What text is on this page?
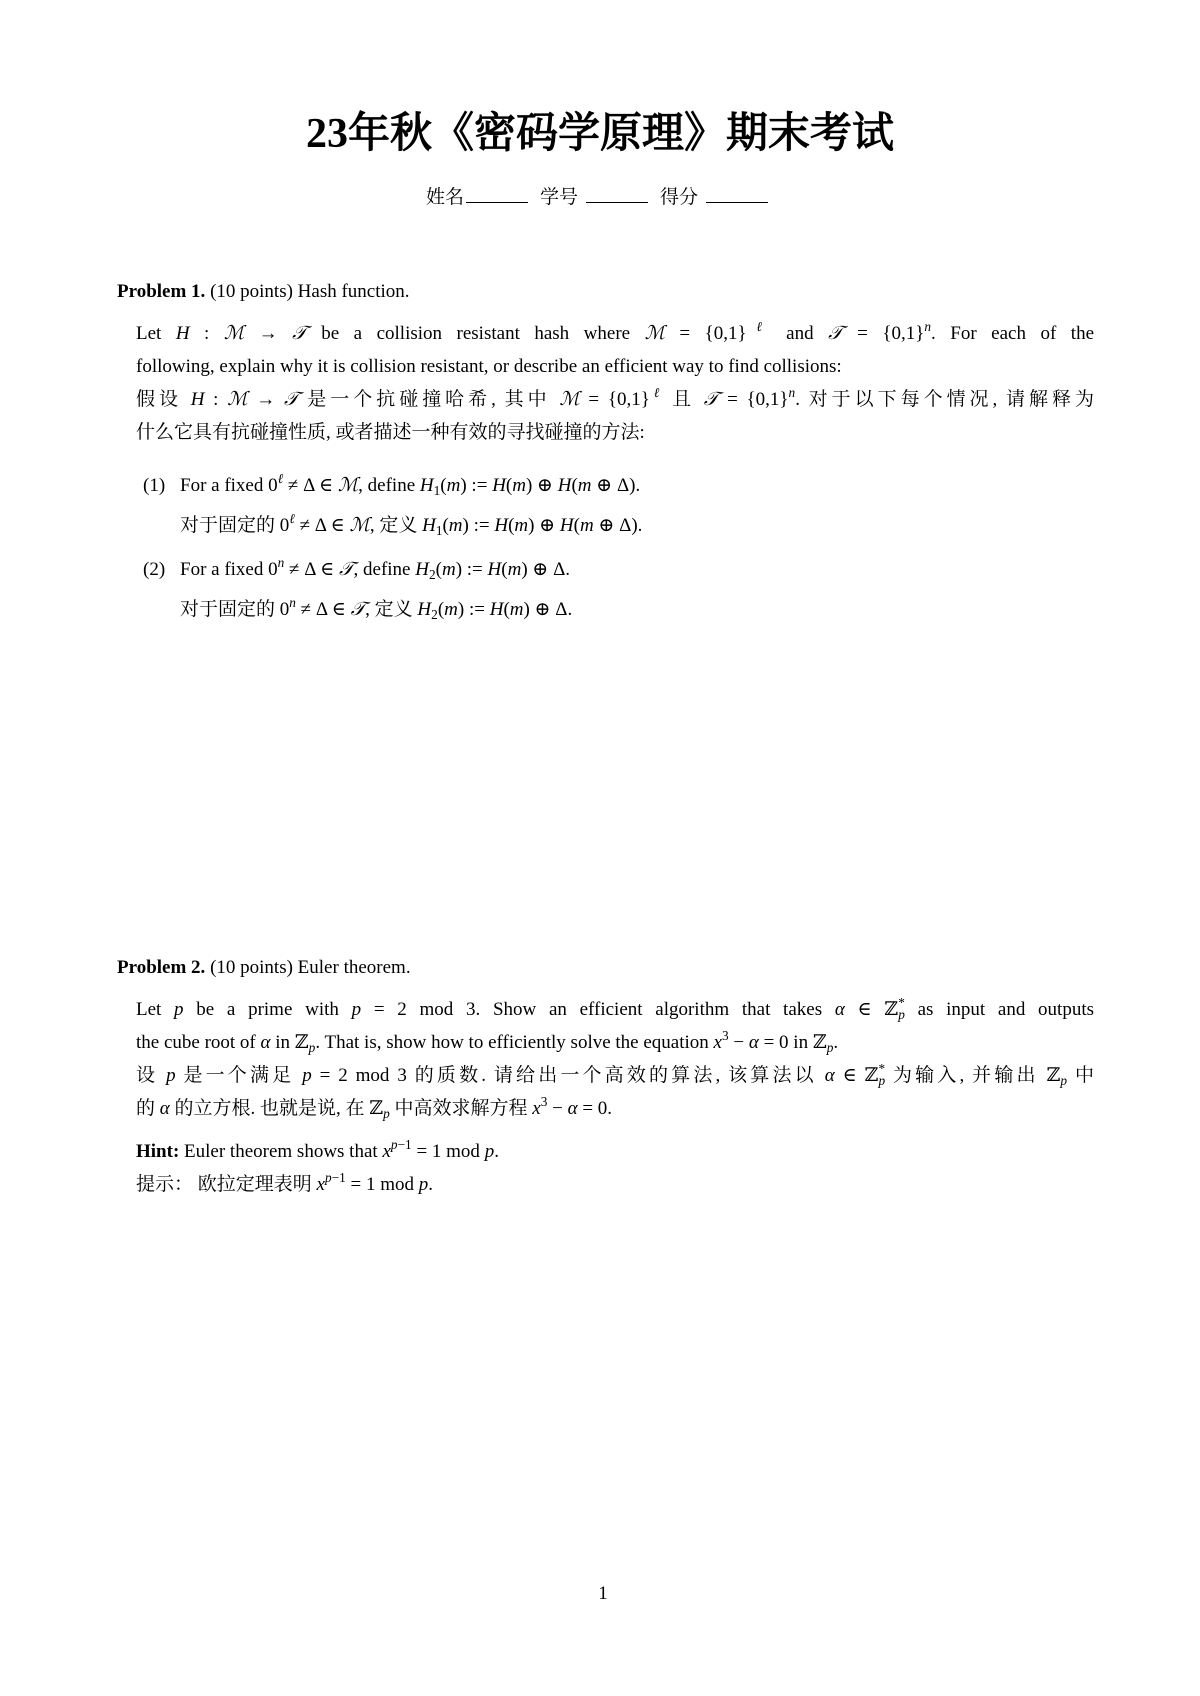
23年秋《密码学原理》期末考试
姓名	学号	得分
Problem 1. (10 points) Hash function.
Let H : ℳ → 𝒯 be a collision resistant hash where ℳ = $\{0,1\}^\ell$ and 𝒯 = $\{0,1\}^n$. For each of the
following, explain why it is collision resistant, or describe an efficient way to find collisions:
假设 H : ℳ → 𝒯 是一个抗碰撞哈希, 其中 ℳ = $\{0,1\}^\ell$ 且 𝒯 = $\{0,1\}^n$. 对于以下每个情况, 请解释为
什么它具有抗碰撞性质, 或者描述一种有效的寻找碰撞的方法:
(1) For a fixed $0^\ell \ne \Delta$ ∈ ℳ, define $H_1(m)$ := H(m) ⊕ H(m ⊕ Δ).
对于固定的 $0^\ell \ne \Delta$ ∈ ℳ, 定义 $H_1(m)$ := H(m) ⊕ H(m ⊕ Δ).
(2) For a fixed $0^n \ne \Delta$ ∈ 𝒯, define $H_2(m)$ := H(m) ⊕ Δ.
对于固定的 $0^n \ne \Delta$ ∈ 𝒯, 定义 $H_2(m)$ := H(m) ⊕ Δ.
Problem 2. (10 points) Euler theorem.
Let p be a prime with p = 2 mod 3. Show an efficient algorithm that takes α ∈ ℤ$_p$* as input and outputs
the cube root of α in ℤ$_p$. That is, show how to efficiently solve the equation $x^3 - \alpha = 0$ in ℤ$_p$.
设 p 是一个满足 p = 2 mod 3 的质数. 请给出一个高效的算法, 该算法以 α ∈ ℤ$_p$* 为输入, 并输出 ℤ$_p$ 中
的 α 的立方根. 也就是说, 在 ℤ$_p$ 中高效求解方程 $x^3 - \alpha = 0$.
Hint: Euler theorem shows that $x^{p-1} = 1$ mod p.
提示： 欧拉定理表明 $x^{p-1} = 1$ mod p.
1
